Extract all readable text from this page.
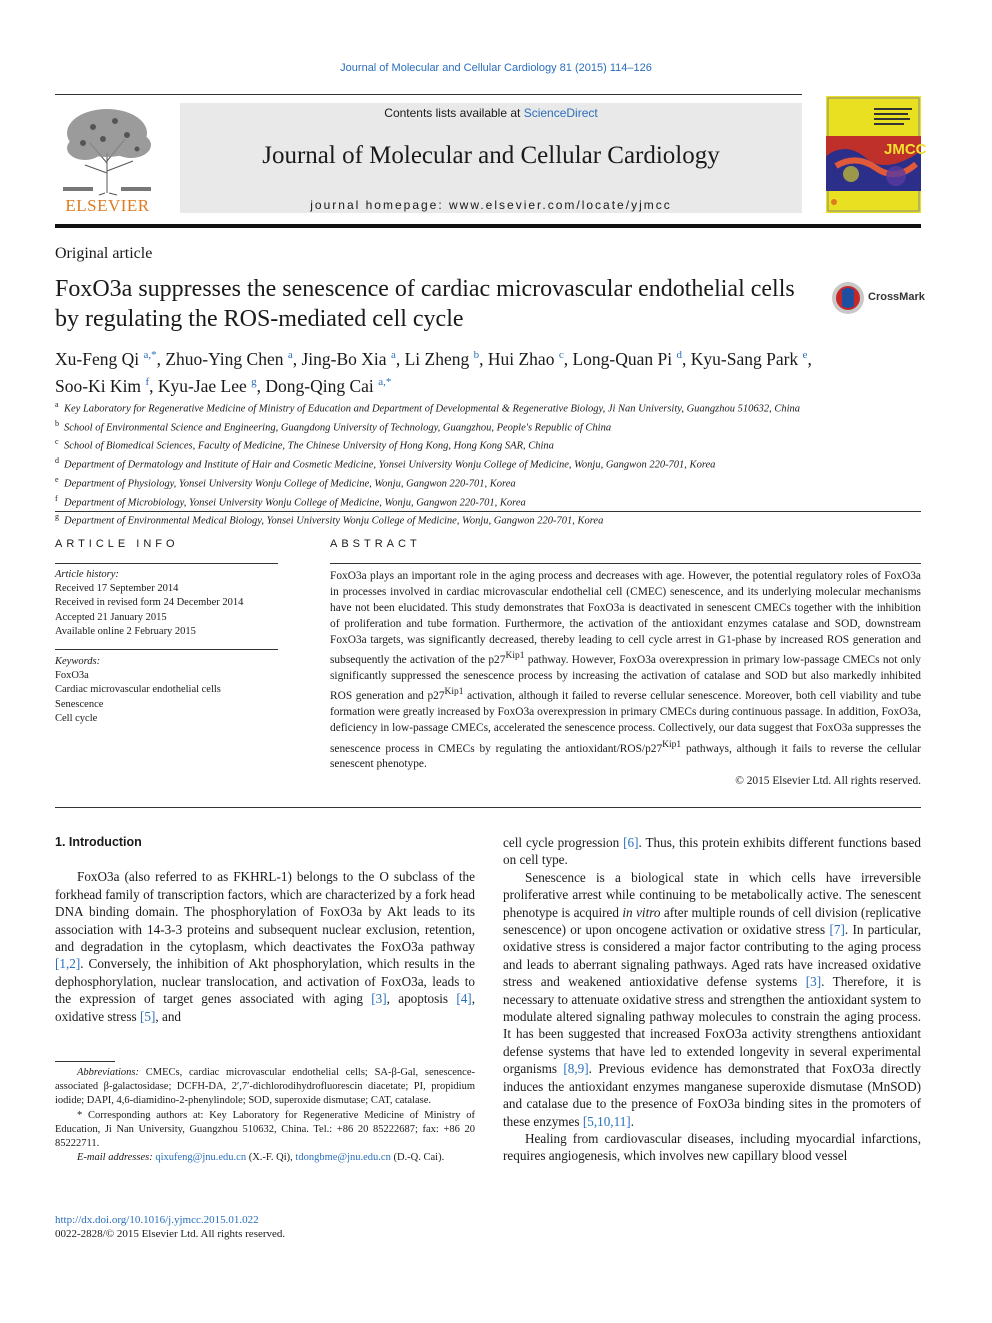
Journal of Molecular and Cellular Cardiology 81 (2015) 114–126
ELSEVIER
Contents lists available at ScienceDirect
Journal of Molecular and Cellular Cardiology
journal homepage: www.elsevier.com/locate/yjmcc
JMCC
Original article
FoxO3a suppresses the senescence of cardiac microvascular endothelial cells by regulating the ROS-mediated cell cycle
CrossMark
Xu-Feng Qi $^{a,*}$, Zhuo-Ying Chen $^a$, Jing-Bo Xia $^a$, Li Zheng $^b$, Hui Zhao $^c$, Long-Quan Pi $^d$, Kyu-Sang Park $^e$,
Soo-Ki Kim $^f$, Kyu-Jae Lee $^g$, Dong-Qing Cai $^{a,*}$
$^a$ Key Laboratory for Regenerative Medicine of Ministry of Education and Department of Developmental & Regenerative Biology, Ji Nan University, Guangzhou 510632, China
$^b$ School of Environmental Science and Engineering, Guangdong University of Technology, Guangzhou, People's Republic of China
$^c$ School of Biomedical Sciences, Faculty of Medicine, The Chinese University of Hong Kong, Hong Kong SAR, China
$^d$ Department of Dermatology and Institute of Hair and Cosmetic Medicine, Yonsei University Wonju College of Medicine, Wonju, Gangwon 220-701, Korea
$^e$ Department of Physiology, Yonsei University Wonju College of Medicine, Wonju, Gangwon 220-701, Korea
$^f$ Department of Microbiology, Yonsei University Wonju College of Medicine, Wonju, Gangwon 220-701, Korea
$^g$ Department of Environmental Medical Biology, Yonsei University Wonju College of Medicine, Wonju, Gangwon 220-701, Korea
ARTICLE INFO
Article history:
Received 17 September 2014
Received in revised form 24 December 2014
Accepted 21 January 2015
Available online 2 February 2015
Keywords:
FoxO3a
Cardiac microvascular endothelial cells
Senescence
Cell cycle
ABSTRACT
FoxO3a plays an important role in the aging process and decreases with age. However, the potential regulatory roles of FoxO3a in processes involved in cardiac microvascular endothelial cell (CMEC) senescence, and its underlying molecular mechanisms have not been elucidated. This study demonstrates that FoxO3a is deactivated in senescent CMECs together with the inhibition of proliferation and tube formation. Furthermore, the activation of the antioxidant enzymes catalase and SOD, downstream FoxO3a targets, was significantly decreased, thereby leading to cell cycle arrest in G1-phase by increased ROS generation and subsequently the activation of the $p27^{Kip1}$ pathway. However, FoxO3a overexpression in primary low-passage CMECs not only significantly suppressed the senescence process by increasing the activation of catalase and SOD but also markedly inhibited ROS generation and $p27^{Kip1}$ activation, although it failed to reverse cellular senescence. Moreover, both cell viability and tube formation were greatly increased by FoxO3a overexpression in primary CMECs during continuous passage. In addition, FoxO3a, deficiency in low-passage CMECs, accelerated the senescence process. Collectively, our data suggest that FoxO3a suppresses the senescence process in CMECs by regulating the antioxidant/$ROS/p27^{Kip1}$ pathways, although it fails to reverse the cellular senescent phenotype.
© 2015 Elsevier Ltd. All rights reserved.

1. Introduction

FoxO3a (also referred to as FKHRL-1) belongs to the O subclass of the forkhead family of transcription factors, which are characterized by a fork head DNA binding domain. The phosphorylation of FoxO3a by Akt leads to its association with 14-3-3 proteins and subsequent nuclear exclusion, retention, and degradation in the cytoplasm, which deactivates the FoxO3a pathway [1,2]. Conversely, the inhibition of Akt phosphorylation, which results in the dephosphorylation, nuclear translocation, and activation of FoxO3a, leads to the expression of target genes associated with aging [3], apoptosis [4], oxidative stress [5], and

Abbreviations: CMECs, cardiac microvascular endothelial cells; SA-β-Gal, senescence-associated β-galactosidase; DCFH-DA, 2′,7′-dichlorodihydrofluorescin diacetate; PI, propidium iodide; DAPI, 4,6-diamidino-2-phenylindole; SOD, superoxide dismutase; CAT, catalase.

* Corresponding authors at: Key Laboratory for Regenerative Medicine of Ministry of Education, Ji Nan University, Guangzhou 510632, China. Tel.: +86 20 85222687; fax: +86 20 85222711.

E-mail addresses: qixufeng@jnu.edu.cn (X.-F. Qi), tdongbme@jnu.edu.cn (D.-Q. Cai).

http://dx.doi.org/10.1016/j.yjmcc.2015.01.022
0022-2828/© 2015 Elsevier Ltd. All rights reserved.

cell cycle progression [6]. Thus, this protein exhibits different functions based on cell type.

Senescence is a biological state in which cells have irreversible proliferative arrest while continuing to be metabolically active. The senescent phenotype is acquired in vitro after multiple rounds of cell division (replicative senescence) or upon oncogene activation or oxidative stress [7]. In particular, oxidative stress is considered a major factor contributing to the aging process and leads to aberrant signaling pathways. Aged rats have increased oxidative stress and weakened antioxidative defense systems [3]. Therefore, it is necessary to attenuate oxidative stress and strengthen the antioxidant system to modulate altered signaling pathway molecules to constrain the aging process. It has been suggested that increased FoxO3a activity strengthens antioxidant defense systems that have led to extended longevity in several experimental organisms [8,9]. Previous evidence has demonstrated that FoxO3a directly induces the antioxidant enzymes manganese superoxide dismutase (MnSOD) and catalase due to the presence of FoxO3a binding sites in the promoters of these enzymes [5,10,11].

Healing from cardiovascular diseases, including myocardial infarctions, requires angiogenesis, which involves new capillary blood vessel
